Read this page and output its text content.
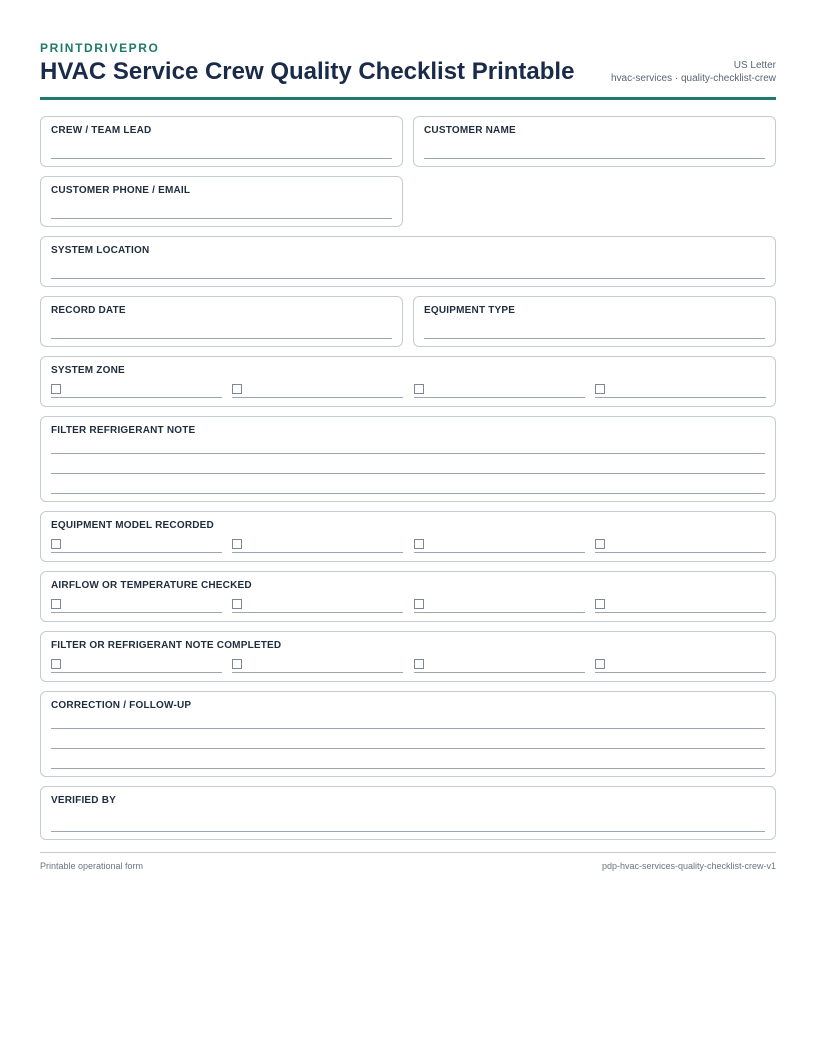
PRINTDRIVEPRO
HVAC Service Crew Quality Checklist Printable	US Letter
hvac-services · quality-checklist-crew
CREW / TEAM LEAD	CUSTOMER NAME
CUSTOMER PHONE / EMAIL
SYSTEM LOCATION
RECORD DATE	EQUIPMENT TYPE
SYSTEM ZONE
FILTER REFRIGERANT NOTE
EQUIPMENT MODEL RECORDED
AIRFLOW OR TEMPERATURE CHECKED
FILTER OR REFRIGERANT NOTE COMPLETED
CORRECTION / FOLLOW-UP
VERIFIED BY
Printable operational form	pdp-hvac-services-quality-checklist-crew-v1
